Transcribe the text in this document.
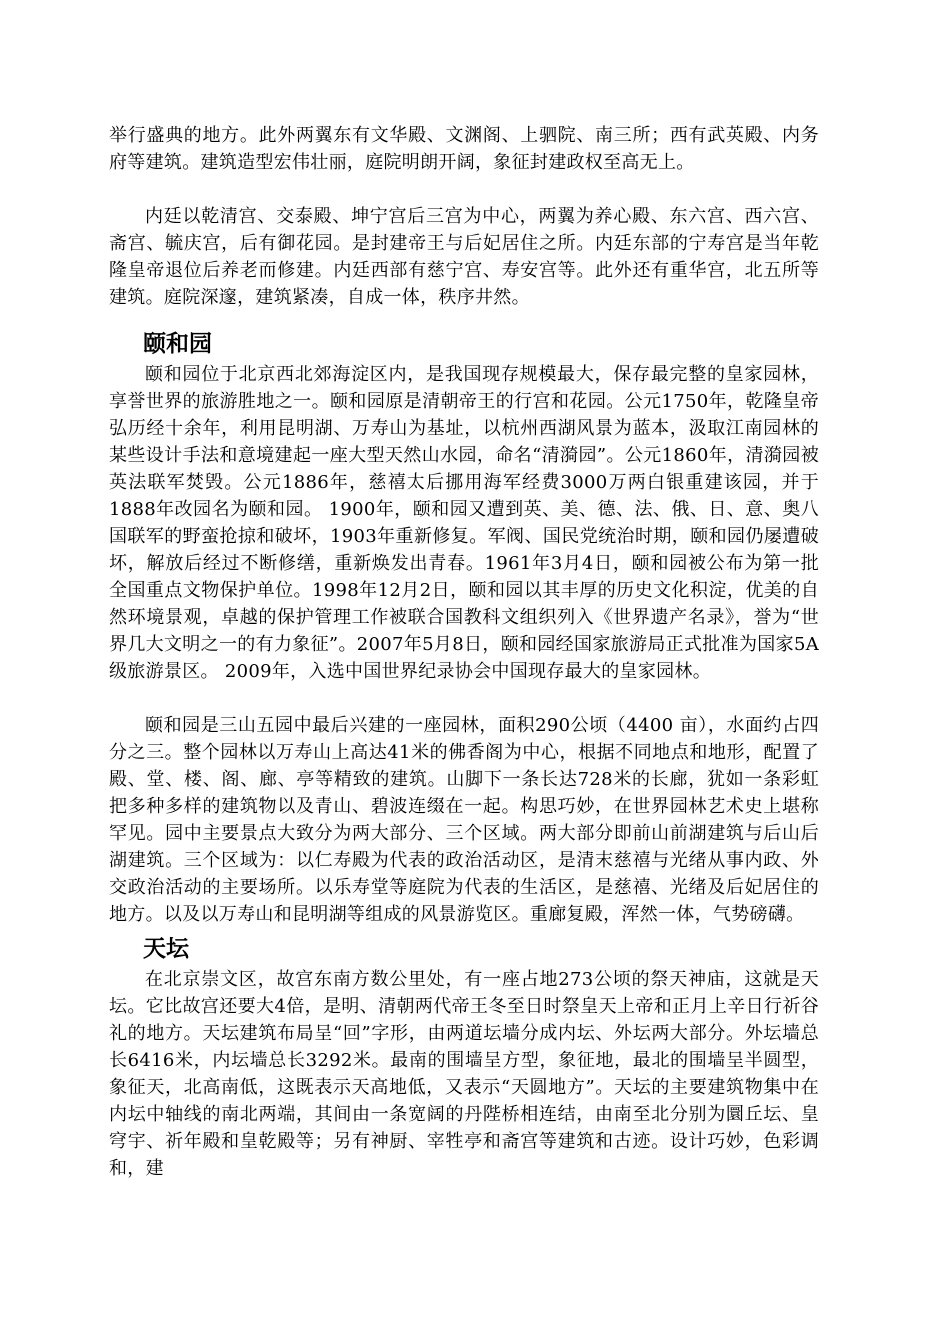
举行盛典的地方。此外两翼东有文华殿、文渊阁、上驷院、南三所；西有武英殿、内务府等建筑。建筑造型宏伟壮丽，庭院明朗开阔，象征封建政权至高无上。

内廷以乾清宫、交泰殿、坤宁宫后三宫为中心，两翼为养心殿、东六宫、西六宫、斋宫、毓庆宫，后有御花园。是封建帝王与后妃居住之所。内廷东部的宁寿宫是当年乾隆皇帝退位后养老而修建。内廷西部有慈宁宫、寿安宫等。此外还有重华宫，北五所等建筑。庭院深邃，建筑紧凑，自成一体，秩序井然。

颐和园

颐和园位于北京西北郊海淀区内，是我国现存规模最大，保存最完整的皇家园林，享誉世界的旅游胜地之一。颐和园原是清朝帝王的行宫和花园。公元1750年，乾隆皇帝弘历经十余年，利用昆明湖、万寿山为基址，以杭州西湖风景为蓝本，汲取江南园林的某些设计手法和意境建起一座大型天然山水园，命名“清漪园”。公元1860年，清漪园被英法联军焚毁。公元1886年，慈禧太后挪用海军经费3000万两白银重建该园，并于1888年改园名为颐和园。 1900年，颐和园又遭到英、美、德、法、俄、日、意、奥八国联军的野蛮抢掠和破坏，1903年重新修复。军阀、国民党统治时期，颐和园仍屡遭破坏，解放后经过不断修缮，重新焕发出青春。1961年3月4日，颐和园被公布为第一批全国重点文物保护单位。1998年12月2日，颐和园以其丰厚的历史文化积淀，优美的自然环境景观，卓越的保护管理工作被联合国教科文组织列入《世界遗产名录》，誉为“世界几大文明之一的有力象征”。2007年5月8日，颐和园经国家旅游局正式批准为国家5A级旅游景区。 2009年，入选中国世界纪录协会中国现存最大的皇家园林。

颐和园是三山五园中最后兴建的一座园林，面积290公顷（4400 亩），水面约占四分之三。整个园林以万寿山上高达41米的佛香阁为中心，根据不同地点和地形，配置了殿、堂、楼、阁、廊、亭等精致的建筑。山脚下一条长达728米的长廊，犹如一条彩虹把多种多样的建筑物以及青山、碧波连缀在一起。构思巧妙，在世界园林艺术史上堪称罕见。园中主要景点大致分为两大部分、三个区域。两大部分即前山前湖建筑与后山后湖建筑。三个区域为：以仁寿殿为代表的政治活动区，是清末慈禧与光绪从事内政、外交政治活动的主要场所。以乐寿堂等庭院为代表的生活区，是慈禧、光绪及后妃居住的地方。以及以万寿山和昆明湖等组成的风景游览区。重廊复殿，浑然一体，气势磅礴。

天坛

在北京崇文区，故宫东南方数公里处，有一座占地273公顷的祭天神庙，这就是天坛。它比故宫还要大4倍，是明、清朝两代帝王冬至日时祭皇天上帝和正月上辛日行祈谷礼的地方。天坛建筑布局呈“回”字形，由两道坛墙分成内坛、外坛两大部分。外坛墙总长6416米，内坛墙总长3292米。最南的围墙呈方型，象征地，最北的围墙呈半圆型，象征天，北高南低，这既表示天高地低，又表示“天圆地方”。天坛的主要建筑物集中在内坛中轴线的南北两端，其间由一条宽阔的丹陛桥相连结，由南至北分别为圜丘坛、皇穹宇、祈年殿和皇乾殿等；另有神厨、宰牲亭和斋宫等建筑和古迹。设计巧妙，色彩调和，建
